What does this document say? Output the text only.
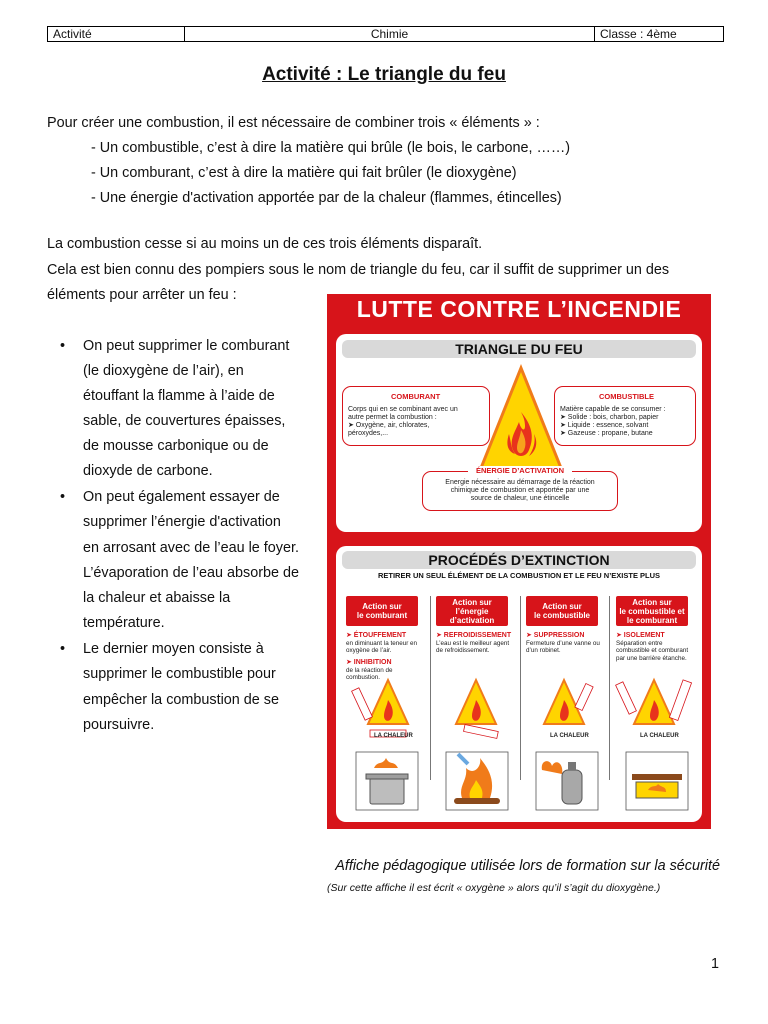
Activité	Chimie	Classe : 4ème
Activité : Le triangle du feu
Pour créer une combustion, il est nécessaire de combiner trois « éléments » :
- Un combustible, c’est à dire la matière qui brûle (le bois, le carbone, ……)
- Un comburant, c’est à dire la matière qui fait brûler (le dioxygène)
- Une énergie d'activation apportée par de la chaleur (flammes, étincelles)
La combustion cesse si au moins un de ces trois éléments disparaît.
Cela est bien connu des pompiers sous le nom de triangle du feu, car il suffit de supprimer un des
éléments pour arrêter un feu :
• On peut supprimer le comburant
(le dioxygène de l’air), en
étouffant la flamme à l’aide de
sable, de couvertures épaisses,
de mousse carbonique ou de
dioxyde de carbone.
• On peut également essayer de
supprimer l’énergie d'activation
en arrosant avec de l’eau le foyer.
L’évaporation de l’eau absorbe de
la chaleur et abaisse la
température.
• Le dernier moyen consiste à
supprimer le combustible pour
empêcher la combustion de se
poursuivre.
LUTTE CONTRE L’INCENDIE
TRIANGLE DU FEU
COMBURANT
Corps qui en se combinant avec un
autre permet la combustion :
➤ Oxygène, air, chlorates,
péroxydes,...
COMBUSTIBLE
Matière capable de se consumer :
➤ Solide : bois, charbon, papier
➤ Liquide : essence, solvant
➤ Gazeuse : propane, butane
ÉNERGIE D’ACTIVATION
Energie nécessaire au démarrage de la réaction
chimique de combustion et apportée par une
source de chaleur, une étincelle
PROCÉDÉS D’EXTINCTION
RETIRER UN SEUL ÉLÉMENT DE LA COMBUSTION ET LE FEU N’EXISTE PLUS
Action sur
le comburant
➤ ÉTOUFFEMENT
en diminuant la teneur en oxygène de l’air.
➤ INHIBITION
de la réaction de combustion.
Action sur
l’énergie
d’activation
➤ REFROIDISSEMENT
L’eau est le meilleur agent de refroidissement.
Action sur
le combustible
➤ SUPPRESSION
Fermeture d’une vanne ou d’un robinet.
Action sur
le combustible et
le comburant
➤ ISOLEMENT
Séparation entre combustible et comburant par une barrière étanche.
LA CHALEUR	LA CHALEUR	LA CHALEUR
Affiche pédagogique utilisée lors de formation sur la sécurité
(Sur cette affiche il est écrit « oxygène » alors qu’il s’agit du dioxygène.)
1
